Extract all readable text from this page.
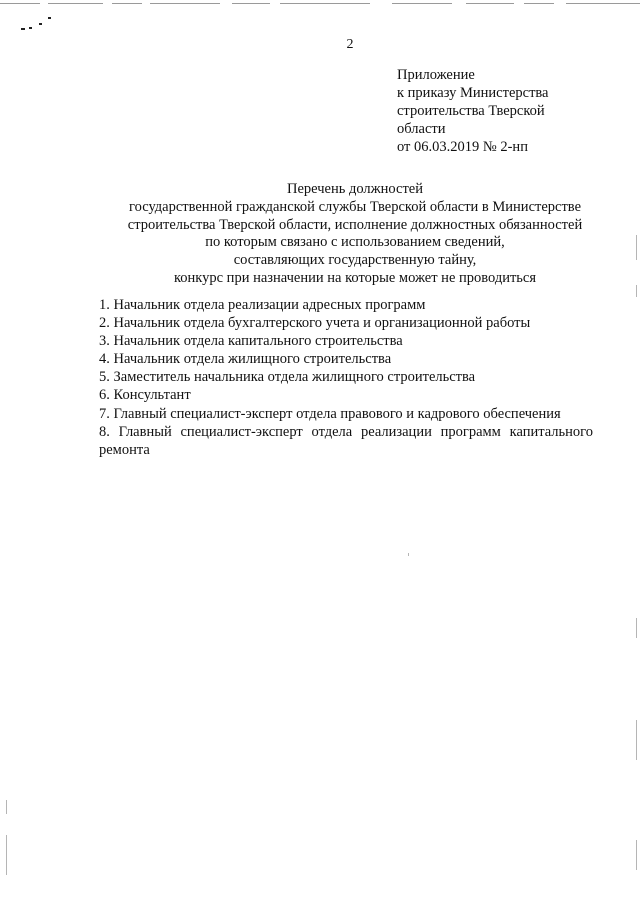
2
Приложение
к приказу Министерства
строительства Тверской
области
от 06.03.2019 № 2-нп
Перечень должностей
государственной гражданской службы Тверской области в Министерстве
строительства Тверской области, исполнение должностных обязанностей
по которым связано с использованием сведений,
составляющих государственную тайну,
конкурс при назначении на которые может не проводиться
1. Начальник отдела реализации адресных программ
2. Начальник отдела бухгалтерского учета и организационной работы
3. Начальник отдела капитального строительства
4. Начальник отдела жилищного строительства
5. Заместитель начальника отдела жилищного строительства
6. Консультант
7. Главный специалист-эксперт отдела правового и кадрового обеспечения
8. Главный специалист-эксперт отдела реализации программ капитального ремонта
